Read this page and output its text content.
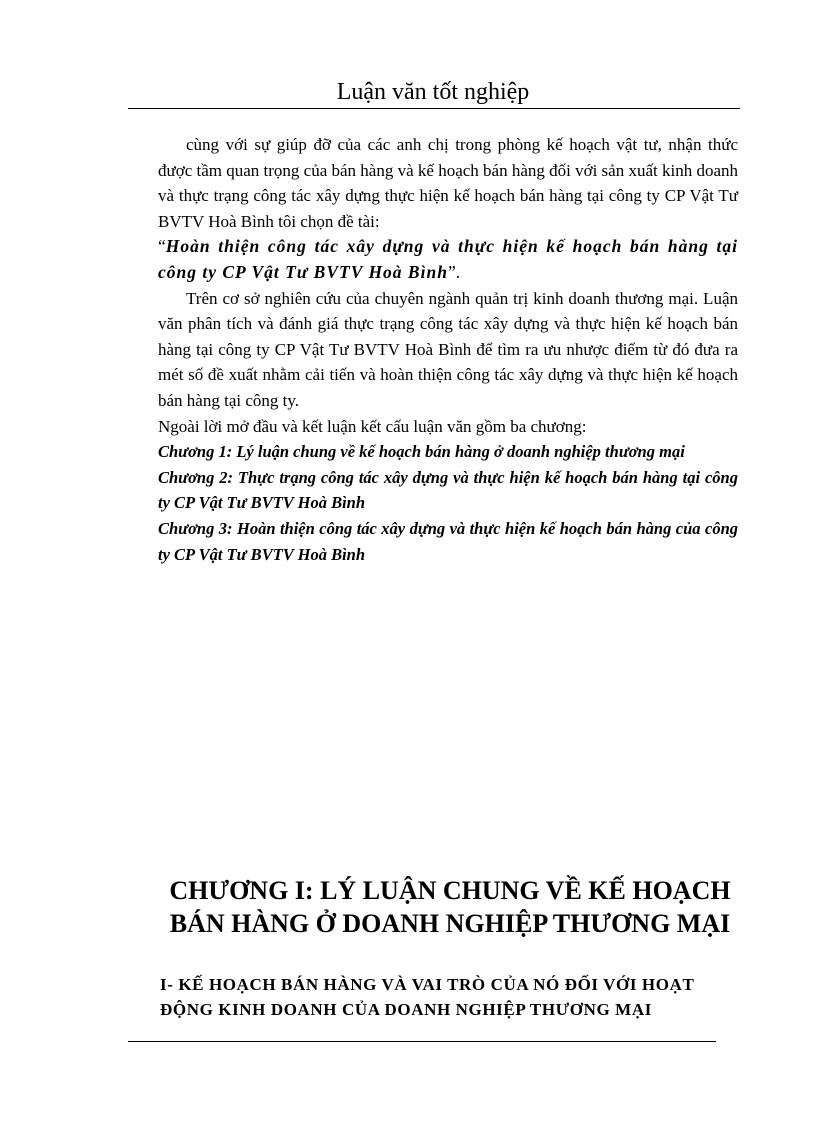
Luận văn tốt nghiệp

cùng với sự giúp đỡ của các anh chị trong phòng kế hoạch vật tư, nhận thức được tầm quan trọng của bán hàng và kế hoạch bán hàng đối với sản xuất kinh doanh và thực trạng công tác xây dựng thực hiện kế hoạch bán hàng tại công ty CP Vật Tư BVTV Hoà Bình tôi chọn đề tài:

“Hoàn thiện công tác xây dựng và thực hiện kế hoạch bán hàng tại công ty CP Vật Tư BVTV Hoà Bình”.

Trên cơ sở nghiên cứu của chuyên ngành quản trị kinh doanh thương mại. Luận văn phân tích và đánh giá thực trạng công tác xây dựng và thực hiện kế hoạch bán hàng tại công ty CP Vật Tư BVTV Hoà Bình để tìm ra ưu nhược điểm từ đó đưa ra mét số đề xuất nhằm cải tiến và hoàn thiện công tác xây dựng và thực hiện kế hoạch bán hàng tại công ty.

Ngoài lời mở đầu và kết luận kết cấu luận văn gồm ba chương:

Chương 1: Lý luận chung về kế hoạch bán hàng ở doanh nghiệp thương mại

Chương 2: Thực trạng công tác xây dựng và thực hiện kế hoạch bán hàng tại công ty CP Vật Tư BVTV Hoà Bình

Chương 3: Hoàn thiện công tác xây dựng và thực hiện kế hoạch bán hàng của công ty CP Vật Tư BVTV Hoà Bình

CHƯƠNG I: LÝ LUẬN CHUNG VỀ KẾ HOẠCH BÁN HÀNG Ở DOANH NGHIỆP THƯƠNG MẠI
I- KẾ HOẠCH BÁN HÀNG VÀ VAI TRÒ CỦA NÓ ĐỐI VỚI HOẠT ĐỘNG KINH DOANH CỦA DOANH NGHIỆP THƯƠNG MẠI
